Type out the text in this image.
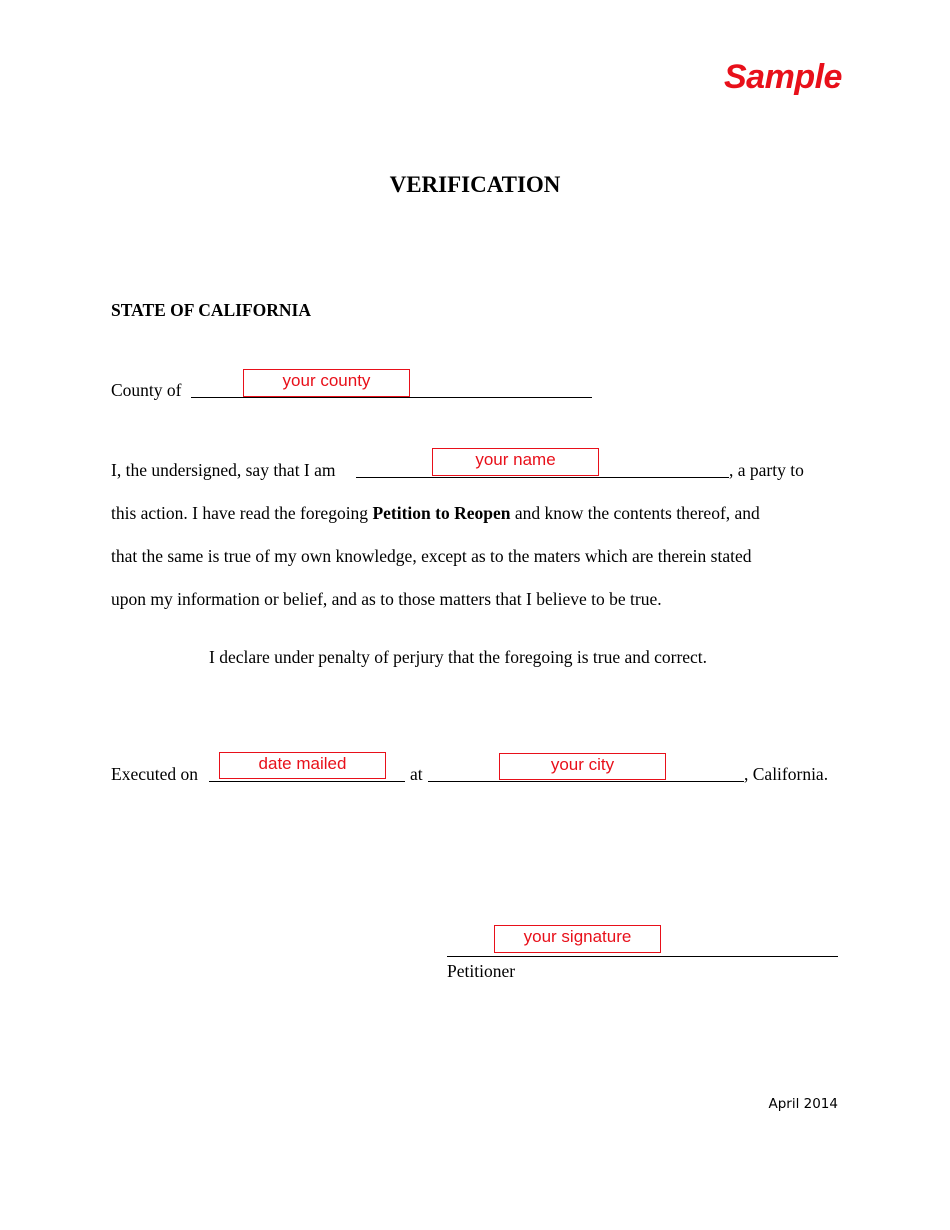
Sample
VERIFICATION
STATE OF CALIFORNIA
County of	your county
I, the undersigned, say that I am
your name
, a party to
this action. I have read the foregoing Petition to Reopen and know the contents thereof, and
that the same is true of my own knowledge, except as to the maters which are therein stated
upon my information or belief, and as to those matters that I believe to be true.
I declare under penalty of perjury that the foregoing is true and correct.
Executed on
date mailed
at	your city	, California.
your signature
Petitioner
April 2014
